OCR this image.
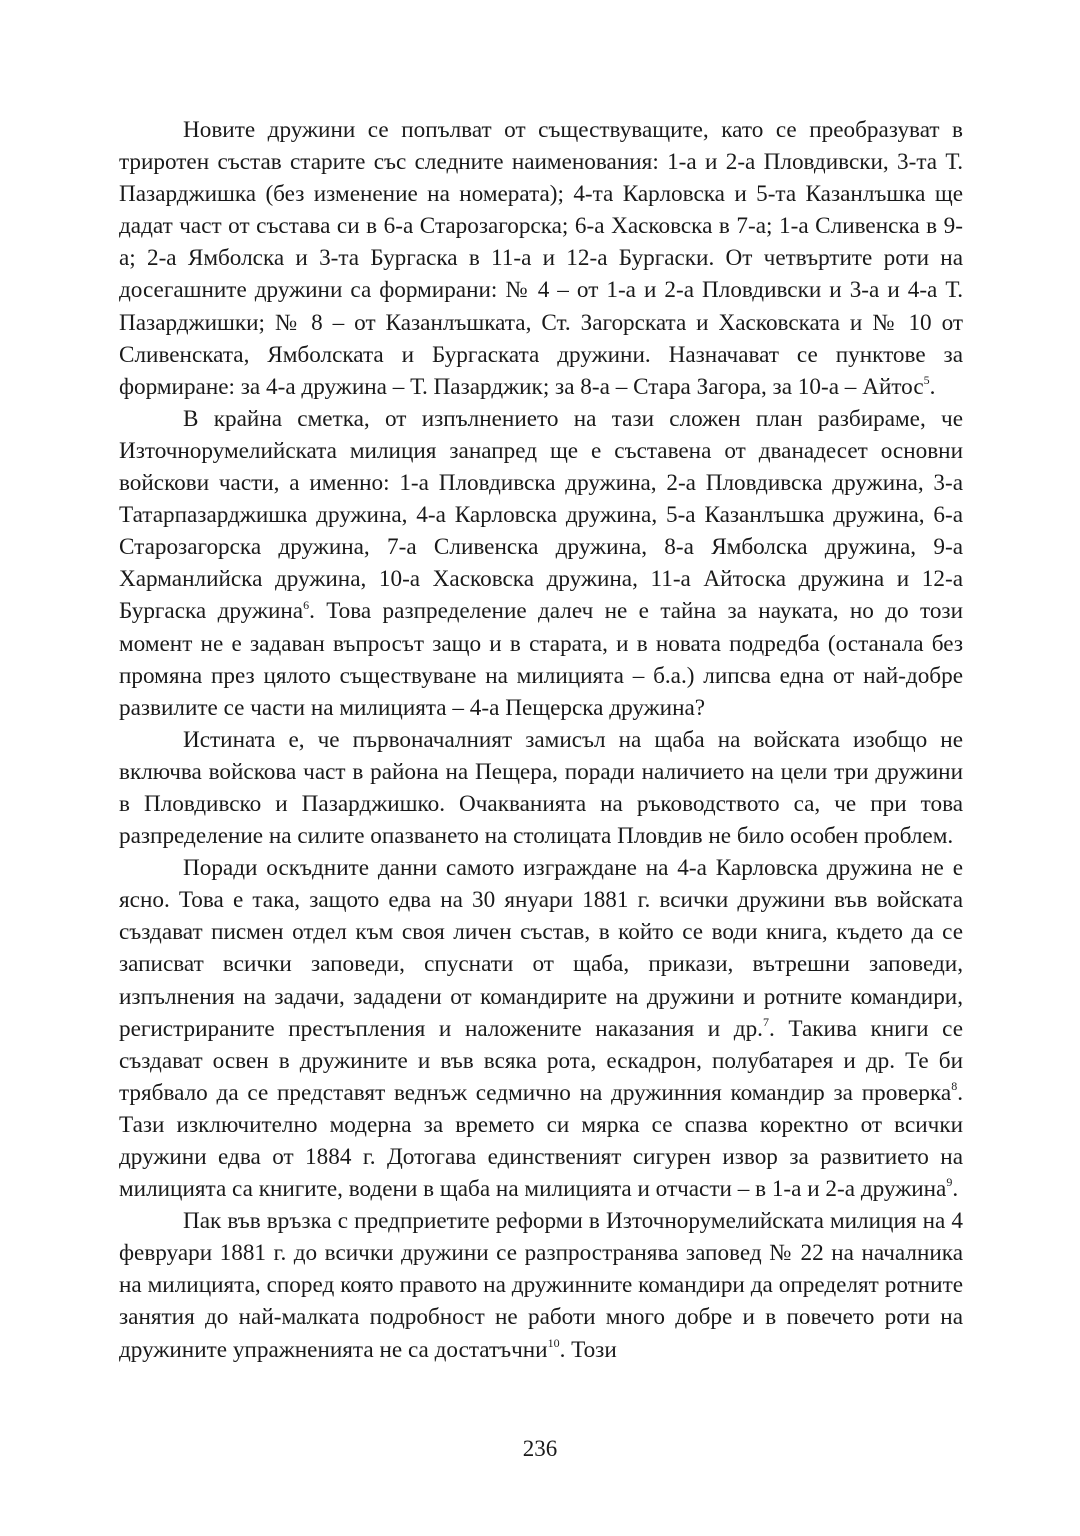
Новите дружини се попълват от съществуващите, като се преобразуват в триротен състав старите със следните наименования: 1-а и 2-а Пловдивски, 3-та Т. Пазарджишка (без изменение на номерата); 4-та Карловска и 5-та Казанлъшка ще дадат част от състава си в 6-а Старозагорска; 6-а Хасковска в 7-а; 1-а Сливенска в 9-а; 2-а Ямболска и 3-та Бургаска в 11-а и 12-а Бургаски. От четвъртите роти на досегашните дружини са формирани: № 4 – от 1-а и 2-а Пловдивски и 3-а и 4-а Т. Пазарджишки; № 8 – от Казанлъшката, Ст. Загорската и Хасковската и № 10 от Сливенската, Ямболската и Бургаската дружини. Назначават се пунктове за формиране: за 4-а дружина – Т. Пазарджик; за 8-а – Стара Загора, за 10-а – Айтос$^5$.

В крайна сметка, от изпълнението на тази сложен план разбираме, че Източнорумелийската милиция занапред ще е съставена от дванадесет основни войскови части, а именно: 1-а Пловдивска дружина, 2-а Пловдивска дружина, 3-а Татарпазарджишка дружина, 4-а Карловска дружина, 5-а Казанлъшка дружина, 6-а Старозагорска дружина, 7-а Сливенска дружина, 8-а Ямболска дружина, 9-а Харманлийска дружина, 10-а Хасковска дружина, 11-а Айтоска дружина и 12-а Бургаска дружина$^6$. Това разпределение далеч не е тайна за науката, но до този момент не е задаван въпросът защо и в старата, и в новата подредба (останала без промяна през цялото съществуване на милицията – б.а.) липсва една от най-добре развилите се части на милицията – 4-а Пещерска дружина?

Истината е, че първоначалният замисъл на щаба на войската изобщо не включва войскова част в района на Пещера, поради наличието на цели три дружини в Пловдивско и Пазарджишко. Очакванията на ръководството са, че при това разпределение на силите опазването на столицата Пловдив не било особен проблем.

Поради оскъдните данни самото изграждане на 4-а Карловска дружина не е ясно. Това е така, защото едва на 30 януари 1881 г. всички дружини във войската създават писмен отдел към своя личен състав, в който се води книга, където да се записват всички заповеди, спуснати от щаба, прикази, вътрешни заповеди, изпълнения на задачи, зададени от командирите на дружини и ротните командири, регистрираните престъпления и наложените наказания и др.$^7$. Такива книги се създават освен в дружините и във всяка рота, ескадрон, полубатарея и др. Те би трябвало да се представят веднъж седмично на дружинния командир за проверка$^8$. Тази изключително модерна за времето си мярка се спазва коректно от всички дружини едва от 1884 г. Дотогава единственият сигурен извор за развитието на милицията са книгите, водени в щаба на милицията и отчасти – в 1-а и 2-а дружина$^9$.

Пак във връзка с предприетите реформи в Източнорумелийската милиция на 4 февруари 1881 г. до всички дружини се разпространява заповед № 22 на началника на милицията, според която правото на дружинните командири да определят ротните занятия до най-малката подробност не работи много добре и в повечето роти на дружините упражненията не са достатъчни$^{10}$. Този

236
